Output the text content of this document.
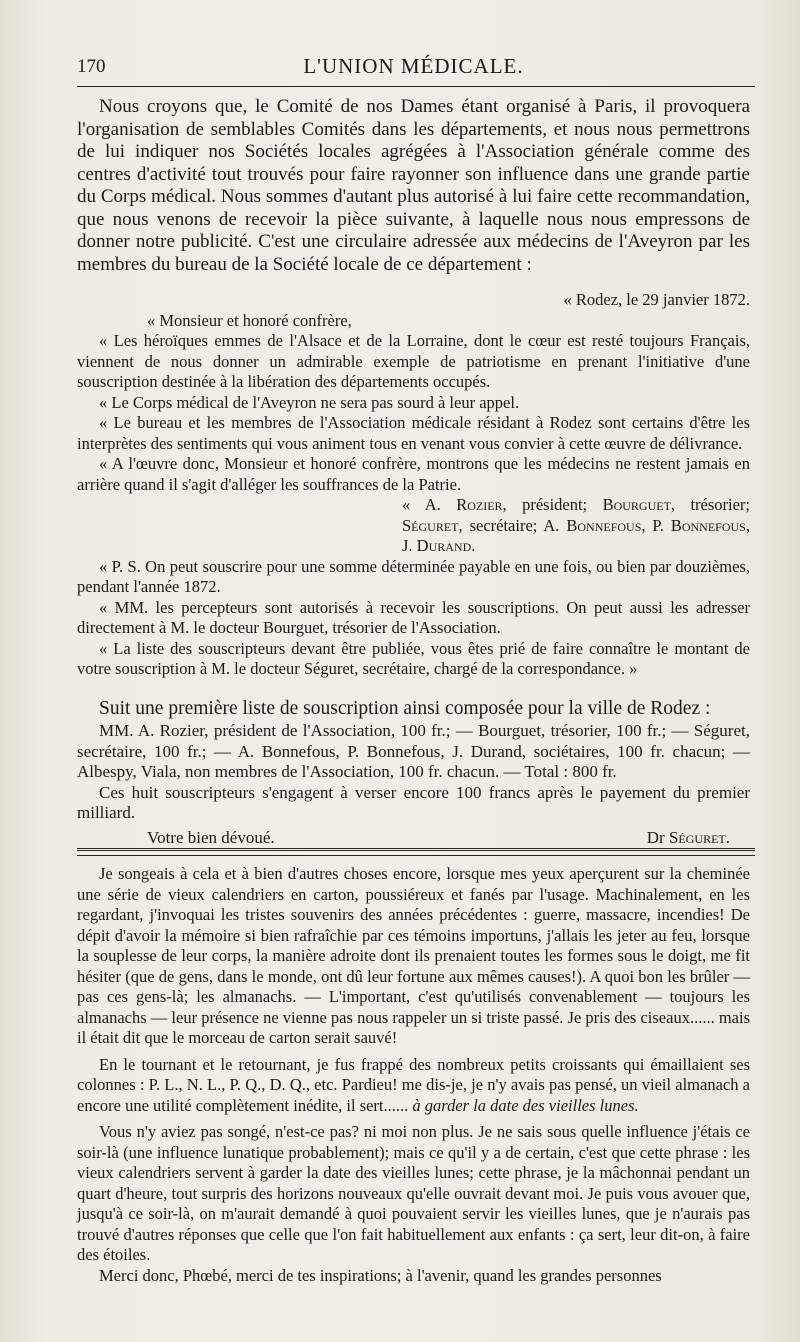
170	L'UNION MÉDICALE.

Nous croyons que, le Comité de nos Dames étant organisé à Paris, il provoquera l'organisation de semblables Comités dans les départements, et nous nous permettrons de lui indiquer nos Sociétés locales agrégées à l'Association générale comme des centres d'activité tout trouvés pour faire rayonner son influence dans une grande partie du Corps médical. Nous sommes d'autant plus autorisé à lui faire cette recommandation, que nous venons de recevoir la pièce suivante, à laquelle nous nous empressons de donner notre publicité. C'est une circulaire adressée aux médecins de l'Aveyron par les membres du bureau de la Société locale de ce département :

« Rodez, le 29 janvier 1872.

« Monsieur et honoré confrère,

« Les héroïques emmes de l'Alsace et de la Lorraine, dont le cœur est resté toujours Français, viennent de nous donner un admirable exemple de patriotisme en prenant l'initiative d'une souscription destinée à la libération des départements occupés.

« Le Corps médical de l'Aveyron ne sera pas sourd à leur appel.

« Le bureau et les membres de l'Association médicale résidant à Rodez sont certains d'être les interprètes des sentiments qui vous animent tous en venant vous convier à cette œuvre de délivrance.

« A l'œuvre donc, Monsieur et honoré confrère, montrons que les médecins ne restent jamais en arrière quand il s'agit d'alléger les souffrances de la Patrie.

« A. Rozier, président; Bourguet, trésorier; Séguret, secrétaire; A. Bonnefous, P. Bonnefous, J. Durand.

« P. S. On peut souscrire pour une somme déterminée payable en une fois, ou bien par douzièmes, pendant l'année 1872.

« MM. les percepteurs sont autorisés à recevoir les souscriptions. On peut aussi les adresser directement à M. le docteur Bourguet, trésorier de l'Association.

« La liste des souscripteurs devant être publiée, vous êtes prié de faire connaître le montant de votre souscription à M. le docteur Séguret, secrétaire, chargé de la correspondance. »

Suit une première liste de souscription ainsi composée pour la ville de Rodez :

MM. A. Rozier, président de l'Association, 100 fr.; — Bourguet, trésorier, 100 fr.; — Séguret, secrétaire, 100 fr.; — A. Bonnefous, P. Bonnefous, J. Durand, sociétaires, 100 fr. chacun; — Albespy, Viala, non membres de l'Association, 100 fr. chacun. — Total : 800 fr.

Ces huit souscripteurs s'engagent à verser encore 100 francs après le payement du premier milliard.

Votre bien dévoué.	Dr Séguret.

Je songeais à cela et à bien d'autres choses encore, lorsque mes yeux aperçurent sur la cheminée une série de vieux calendriers en carton, poussiéreux et fanés par l'usage. Machinalement, en les regardant, j'invoquai les tristes souvenirs des années précédentes : guerre, massacre, incendies! De dépit d'avoir la mémoire si bien rafraîchie par ces témoins importuns, j'allais les jeter au feu, lorsque la souplesse de leur corps, la manière adroite dont ils prenaient toutes les formes sous le doigt, me fit hésiter (que de gens, dans le monde, ont dû leur fortune aux mêmes causes!). A quoi bon les brûler — pas ces gens-là; les almanachs. — L'important, c'est qu'utilisés convenablement — toujours les almanachs — leur présence ne vienne pas nous rappeler un si triste passé. Je pris des ciseaux...... mais il était dit que le morceau de carton serait sauvé!

En le tournant et le retournant, je fus frappé des nombreux petits croissants qui émaillaient ses colonnes : P. L., N. L., P. Q., D. Q., etc. Pardieu! me dis-je, je n'y avais pas pensé, un vieil almanach a encore une utilité complètement inédite, il sert...... à garder la date des vieilles lunes.

Vous n'y aviez pas songé, n'est-ce pas? ni moi non plus. Je ne sais sous quelle influence j'étais ce soir-là (une influence lunatique probablement); mais ce qu'il y a de certain, c'est que cette phrase : les vieux calendriers servent à garder la date des vieilles lunes; cette phrase, je la mâchonnai pendant un quart d'heure, tout surpris des horizons nouveaux qu'elle ouvrait devant moi. Je puis vous avouer que, jusqu'à ce soir-là, on m'aurait demandé à quoi pouvaient servir les vieilles lunes, que je n'aurais pas trouvé d'autres réponses que celle que l'on fait habituellement aux enfants : ça sert, leur dit-on, à faire des étoiles.

Merci donc, Phœbé, merci de tes inspirations; à l'avenir, quand les grandes personnes
